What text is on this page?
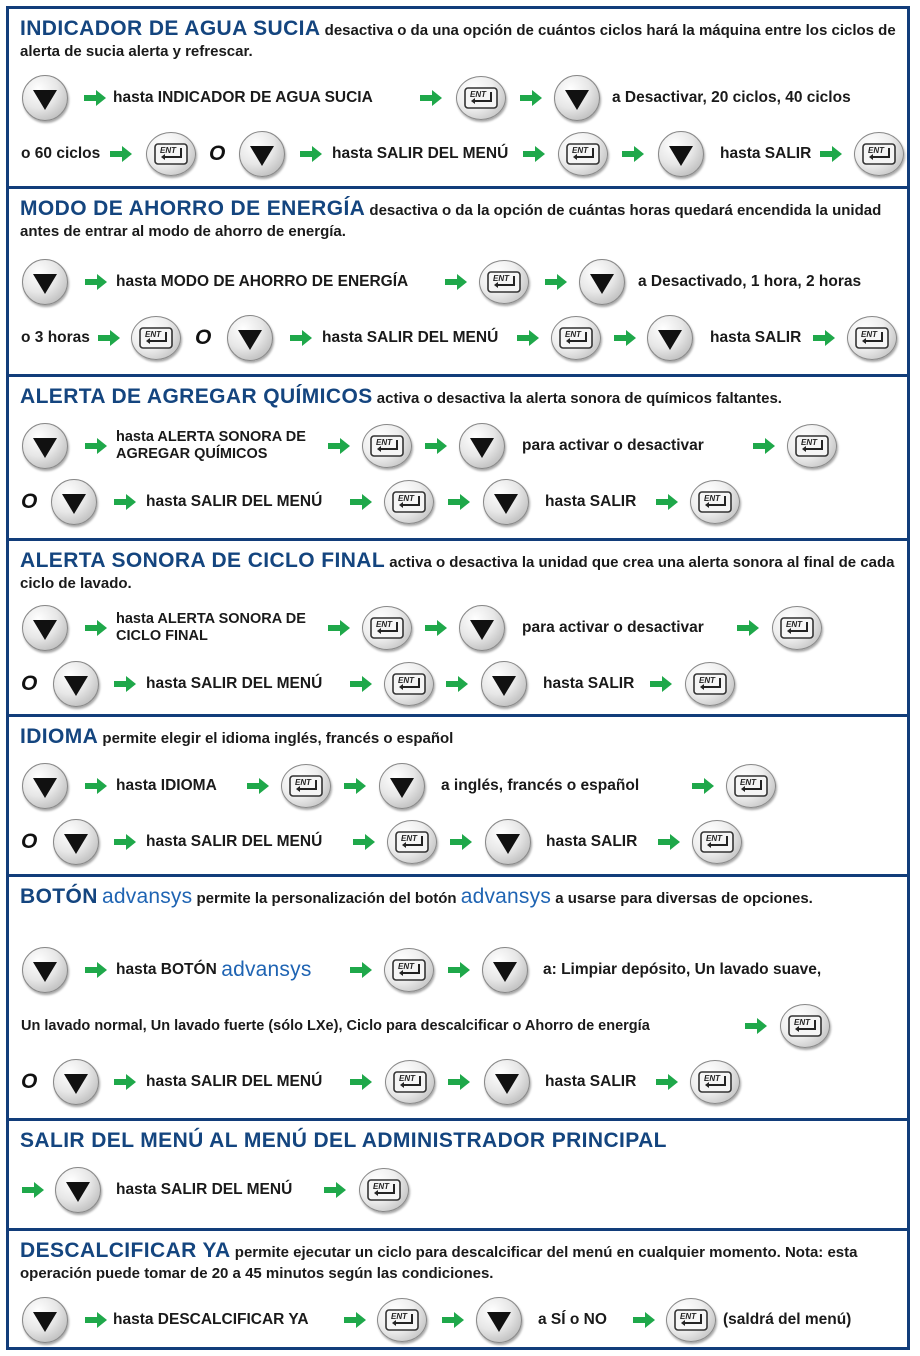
INDICADOR DE AGUA SUCIA desactiva o da una opción de cuántos ciclos hará la máquina entre los ciclos de alerta de sucia alerta y refrescar.
hasta INDICADOR DE AGUA SUCIA	ENT	a Desactivar, 20 ciclos, 40 ciclos
o 60 ciclos	ENT O	hasta SALIR DEL MENÚ	ENT	hasta SALIR	ENT
MODO DE AHORRO DE ENERGÍA desactiva o da la opción de cuántas horas quedará encendida la unidad antes de entrar al modo de ahorro de energía.
hasta MODO DE AHORRO DE ENERGÍA	ENT	a Desactivado, 1 hora, 2 horas
o 3 horas	ENT O	hasta SALIR DEL MENÚ	ENT	hasta SALIR	ENT
ALERTA DE AGREGAR QUÍMICOS activa o desactiva la alerta sonora de químicos faltantes.
hasta ALERTA SONORA DE AGREGAR QUÍMICOS
ENT	para activar o desactivar	ENT
O	hasta SALIR DEL MENÚ	ENT	hasta SALIR	ENT
ALERTA SONORA DE CICLO FINAL activa o desactiva la unidad que crea una alerta sonora al final de cada ciclo de lavado.
hasta ALERTA SONORA DE CICLO FINAL
ENT	para activar o desactivar	ENT
O	hasta SALIR DEL MENÚ	ENT	hasta SALIR	ENT
IDIOMA permite elegir el idioma inglés, francés o español
hasta IDIOMA	ENT	a inglés, francés o español	ENT
O	hasta SALIR DEL MENÚ	ENT	hasta SALIR	ENT
BOTÓN advansys permite la personalización del botón advansys a usarse para diversas de opciones.
hasta BOTÓN
advansys	ENT	a: Limpiar depósito, Un lavado suave,
Un lavado normal, Un lavado fuerte (sólo LXe), Ciclo para descalcificar o Ahorro de energía	ENT
O	hasta SALIR DEL MENÚ	ENT	hasta SALIR	ENT
SALIR DEL MENÚ AL MENÚ DEL ADMINISTRADOR PRINCIPAL
hasta SALIR DEL MENÚ	ENT
DESCALCIFICAR YA permite ejecutar un ciclo para descalcificar del menú en cualquier momento. Nota: esta operación puede tomar de 20 a 45 minutos según las condiciones.
hasta DESCALCIFICAR YA	ENT	a SÍ o NO	ENT (saldrá del menú)
